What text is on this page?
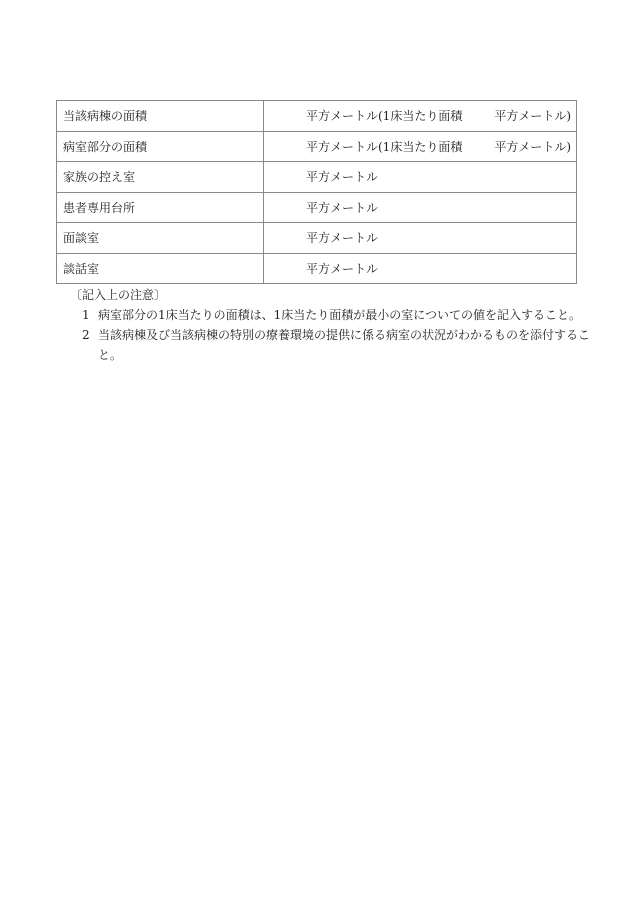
当該病棟の面積	平方メートル(1床当たり面積 平方メートル)
病室部分の面積	平方メートル(1床当たり面積 平方メートル)
家族の控え室	平方メートル
患者専用台所	平方メートル
面談室	平方メートル
談話室	平方メートル

〔記入上の注意〕

1 病室部分の1床当たりの面積は、1床当たり面積が最小の室についての値を記入すること。
2 当該病棟及び当該病棟の特別の療養環境の提供に係る病室の状況がわかるものを添付すること。
